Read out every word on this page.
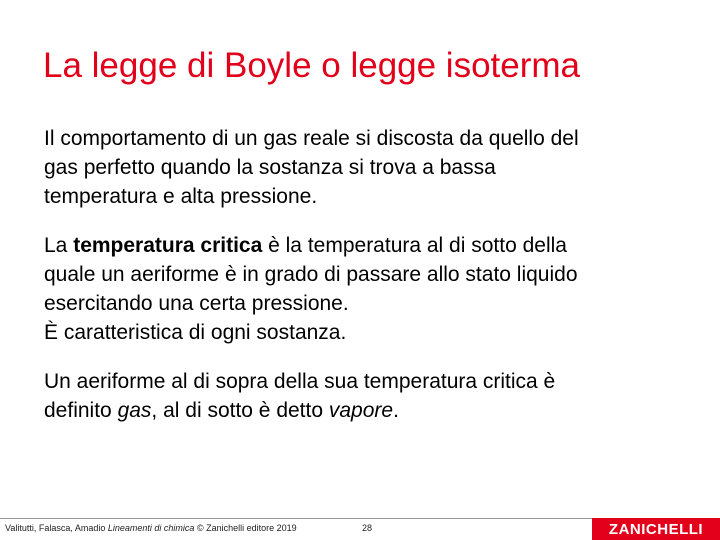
La legge di Boyle o legge isoterma
Il comportamento di un gas reale si discosta da quello del
gas perfetto quando la sostanza si trova a bassa
temperatura e alta pressione.
La temperatura critica è la temperatura al di sotto della
quale un aeriforme è in grado di passare allo stato liquido
esercitando una certa pressione.
È caratteristica di ogni sostanza.
Un aeriforme al di sopra della sua temperatura critica è
definito gas, al di sotto è detto vapore.
Valitutti, Falasca, Amadio Lineamenti di chimica © Zanichelli editore 2019	28	ZANICHELLI
